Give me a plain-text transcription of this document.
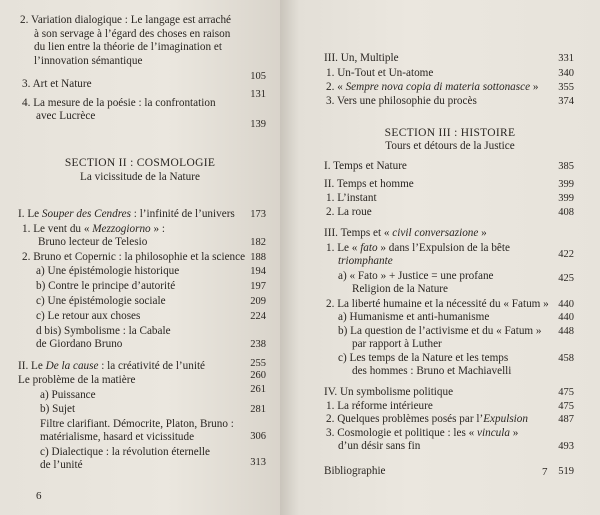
2. Variation dialogique : Le langage est arraché
à son servage à l’égard des choses en raison
du lien entre la théorie de l’imagination et
l’innovation sémantique
3. Art et Nature
4. La mesure de la poésie : la confrontation
avec Lucrèce
SECTION II : COSMOLOGIE
La vicissitude de la Nature
I. Le Souper des Cendres : l’infinité de l’univers
1. Le vent du « Mezzogiorno » :
Bruno lecteur de Telesio
2. Bruno et Copernic : la philosophie et la science
a) Une épistémologie historique
b) Contre le principe d’autorité
c) Une épistémologie sociale
c) Le retour aux choses
d bis) Symbolisme : la Cabale
de Giordano Bruno
II. Le De la cause : la créativité de l’unité
Le problème de la matière
a) Puissance
b) Sujet
Filtre clarifiant. Démocrite, Platon, Bruno :
matérialisme, hasard et vicissitude
c) Dialectique : la révolution éternelle
de l’unité
105
131
139
173
182
188
194
197
209
224
238
255
260
261
281
306
313
6
III. Un, Multiple
1. Un-Tout et Un-atome
2. « Sempre nova copia di materia sottonasce »
3. Vers une philosophie du procès
SECTION III : HISTOIRE
Tours et détours de la Justice
I. Temps et Nature
II. Temps et homme
1. L’instant
2. La roue
III. Temps et « civil conversazione »
1. Le « fato » dans l’Expulsion de la bête
triomphante
a) « Fato » + Justice = une profane
Religion de la Nature
2. La liberté humaine et la nécessité du « Fatum »
a) Humanisme et anti-humanisme
b) La question de l’activisme et du « Fatum »
par rapport à Luther
c) Les temps de la Nature et les temps
des hommes : Bruno et Machiavelli
IV. Un symbolisme politique
1. La réforme intérieure
2. Quelques problèmes posés par l’Expulsion
3. Cosmologie et politique : les « vincula »
d’un désir sans fin
Bibliographie
331
340
355
374
385
399
399
408
422
425
440
440
448
458
475
475
487
493
519
7
